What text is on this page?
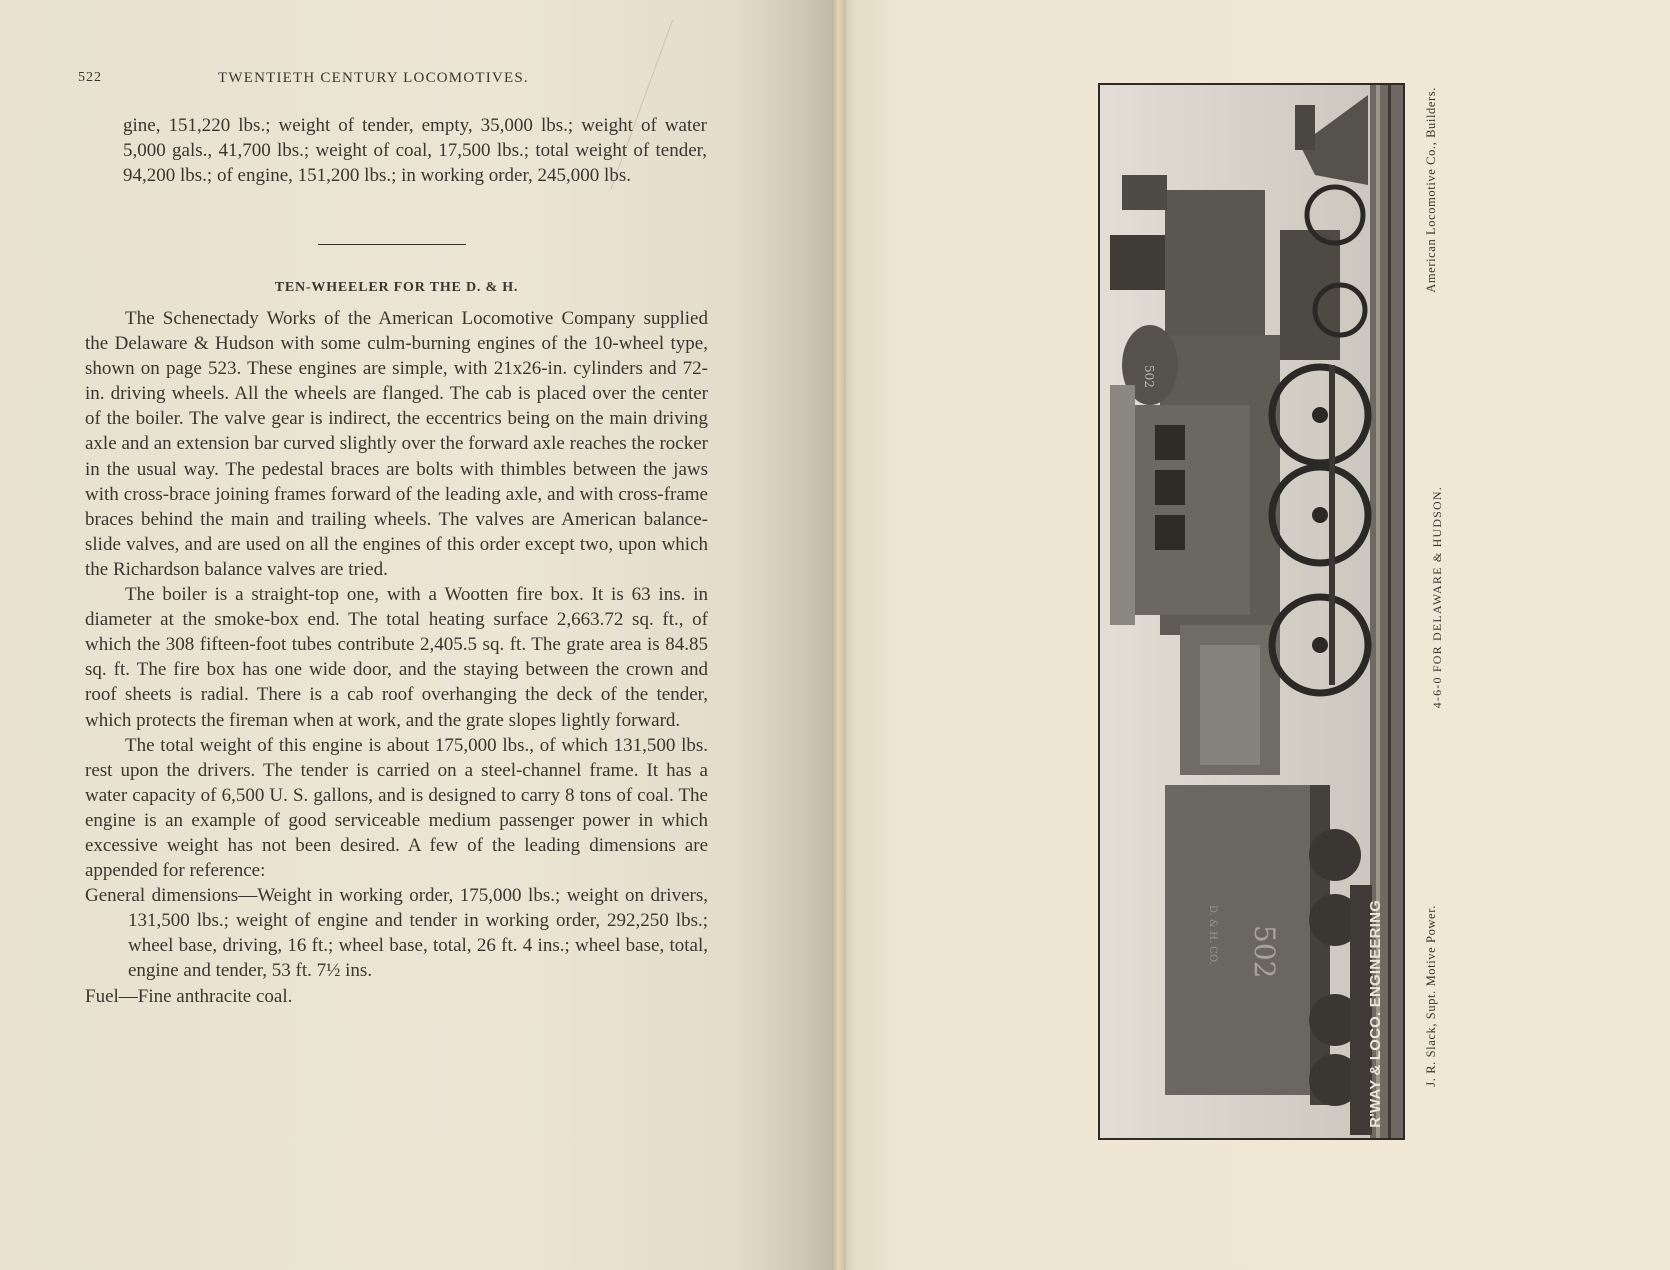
522	TWENTIETH CENTURY LOCOMOTIVES.

gine, 151,220 lbs.; weight of tender, empty, 35,000 lbs.; weight of water 5,000 gals., 41,700 lbs.; weight of coal, 17,500 lbs.; total weight of tender, 94,200 lbs.; of engine, 151,200 lbs.; in working order, 245,000 lbs.

TEN-WHEELER FOR THE D. & H.

The Schenectady Works of the American Locomotive Company supplied the Delaware & Hudson with some culm-burning engines of the 10-wheel type, shown on page 523. These engines are simple, with 21x26-in. cylinders and 72-in. driving wheels. All the wheels are flanged. The cab is placed over the center of the boiler. The valve gear is indirect, the eccentrics being on the main driving axle and an extension bar curved slightly over the forward axle reaches the rocker in the usual way. The pedestal braces are bolts with thimbles between the jaws with cross-brace joining frames forward of the leading axle, and with cross-frame braces behind the main and trailing wheels. The valves are American balance-slide valves, and are used on all the engines of this order except two, upon which the Richardson balance valves are tried.

The boiler is a straight-top one, with a Wootten fire box. It is 63 ins. in diameter at the smoke-box end. The total heating surface 2,663.72 sq. ft., of which the 308 fifteen-foot tubes contribute 2,405.5 sq. ft. The grate area is 84.85 sq. ft. The fire box has one wide door, and the staying between the crown and roof sheets is radial. There is a cab roof overhanging the deck of the tender, which protects the fireman when at work, and the grate slopes lightly forward.

The total weight of this engine is about 175,000 lbs., of which 131,500 lbs. rest upon the drivers. The tender is carried on a steel-channel frame. It has a water capacity of 6,500 U. S. gallons, and is designed to carry 8 tons of coal. The engine is an example of good serviceable medium passenger power in which excessive weight has not been desired. A few of the leading dimensions are appended for reference:

General dimensions—Weight in working order, 175,000 lbs.; weight on drivers, 131,500 lbs.; weight of engine and tender in working order, 292,250 lbs.; wheel base, driving, 16 ft.; wheel base, total, 26 ft. 4 ins.; wheel base, total, engine and tender, 53 ft. 7½ ins.

Fuel—Fine anthracite coal.

502
502
D. & H. CO.	R'WAY & LOCO. ENGINEERING
American Locomotive Co., Builders.
4-6-0 FOR DELAWARE & HUDSON.
J. R. Slack, Supt. Motive Power.
